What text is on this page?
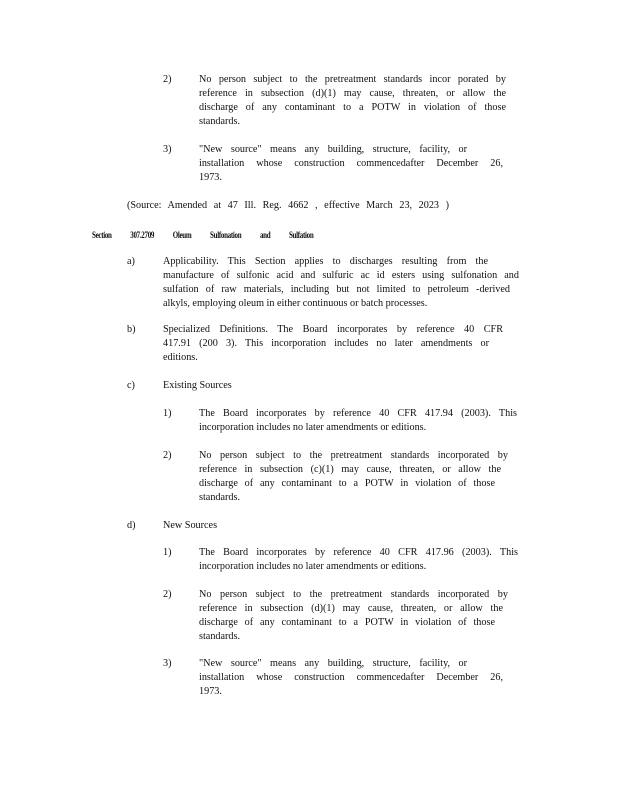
2)	No person subject to the pretreatment standards incor porated by
reference in subsection (d)(1) may cause, threaten, or allow the
discharge of any contaminant to a POTW in violation of those
standards.
3)	"New source" means any building, structure, facility, or
installation whose construction commencedafter December 26,
1973.
(Source: Amended at 47 Ill. Reg. 4662 , effective March 23, 2023 )
Section 307.2709 Oleum Sulfonation and Sulfation
a)	Applicability. This Section applies to discharges resulting from the
manufacture of sulfonic acid and sulfuric ac id esters using sulfonation and
sulfation of raw materials, including but not limited to petroleum -derived
alkyls, employing oleum in either continuous or batch processes.
b)	Specialized Definitions. The Board incorporates by reference 40 CFR
417.91 (200 3). This incorporation includes no later amendments or
editions.
c)	Existing Sources
1)	The Board incorporates by reference 40 CFR 417.94 (2003). This
incorporation includes no later amendments or editions.
2)	No person subject to the pretreatment standards incorporated by
reference in subsection (c)(1) may cause, threaten, or allow the
discharge of any contaminant to a POTW in violation of those
standards.
d)	New Sources
1)	The Board incorporates by reference 40 CFR 417.96 (2003). This
incorporation includes no later amendments or editions.
2)	No person subject to the pretreatment standards incorporated by
reference in subsection (d)(1) may cause, threaten, or allow the
discharge of any contaminant to a POTW in violation of those
standards.
3)	"New source" means any building, structure, facility, or
installation whose construction commencedafter December 26,
1973.
